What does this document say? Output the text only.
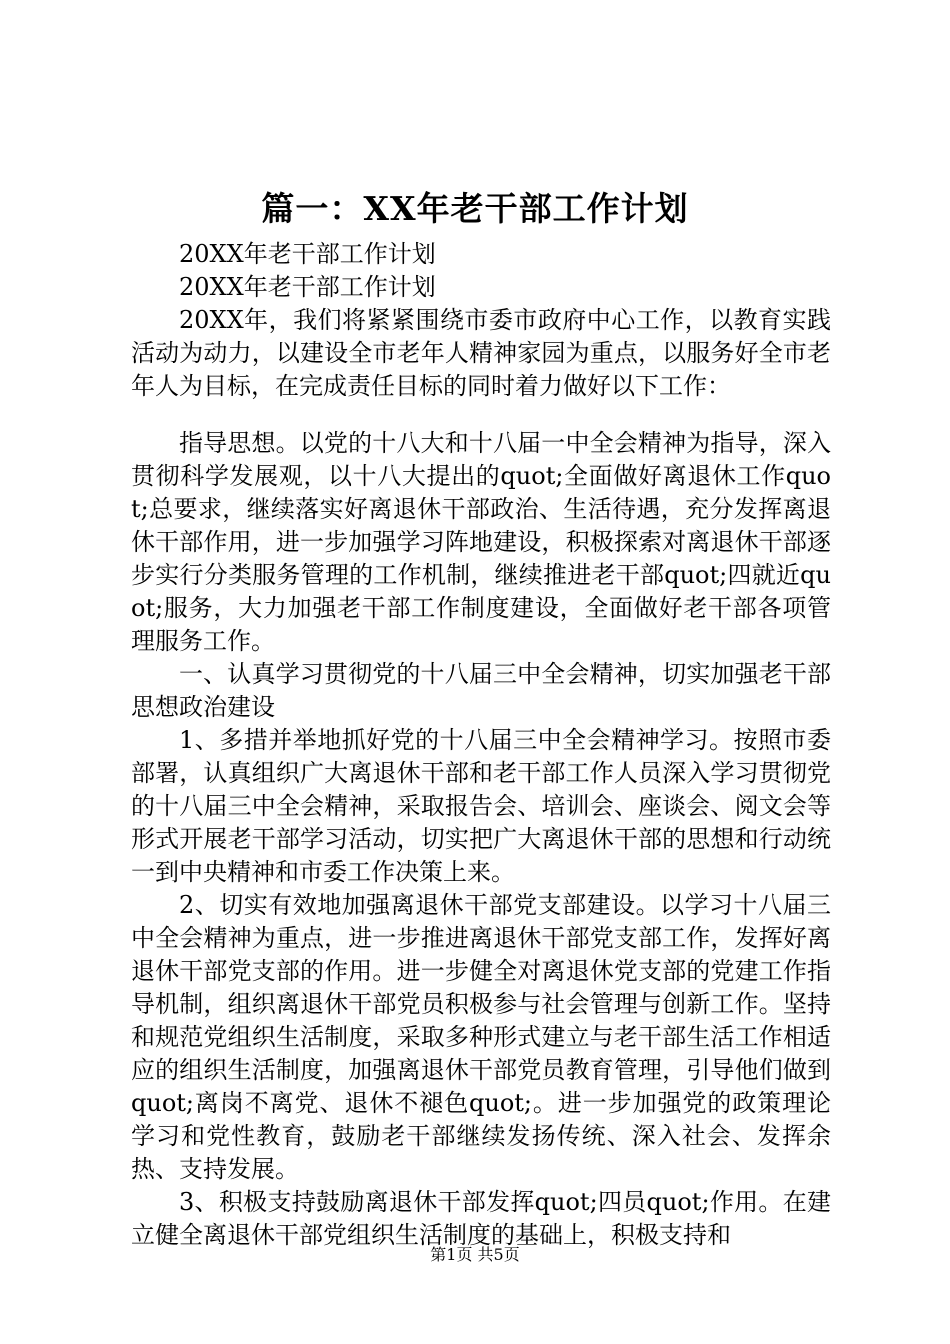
篇一：XX年老干部工作计划

20XX年老干部工作计划

20XX年老干部工作计划

20XX年，我们将紧紧围绕市委市政府中心工作，以教育实践活动为动力，以建设全市老年人精神家园为重点，以服务好全市老年人为目标，在完成责任目标的同时着力做好以下工作：

指导思想。以党的十八大和十八届一中全会精神为指导，深入贯彻科学发展观，以十八大提出的quot;全面做好离退休工作quot;总要求，继续落实好离退休干部政治、生活待遇，充分发挥离退休干部作用，进一步加强学习阵地建设，积极探索对离退休干部逐步实行分类服务管理的工作机制，继续推进老干部quot;四就近quot;服务，大力加强老干部工作制度建设，全面做好老干部各项管理服务工作。

一、认真学习贯彻党的十八届三中全会精神，切实加强老干部思想政治建设

1、多措并举地抓好党的十八届三中全会精神学习。按照市委部署，认真组织广大离退休干部和老干部工作人员深入学习贯彻党的十八届三中全会精神，采取报告会、培训会、座谈会、阅文会等形式开展老干部学习活动，切实把广大离退休干部的思想和行动统一到中央精神和市委工作决策上来。

2、切实有效地加强离退休干部党支部建设。以学习十八届三中全会精神为重点，进一步推进离退休干部党支部工作，发挥好离退休干部党支部的作用。进一步健全对离退休党支部的党建工作指导机制，组织离退休干部党员积极参与社会管理与创新工作。坚持和规范党组织生活制度，采取多种形式建立与老干部生活工作相适应的组织生活制度，加强离退休干部党员教育管理，引导他们做到quot;离岗不离党、退休不褪色quot;。进一步加强党的政策理论学习和党性教育，鼓励老干部继续发扬传统、深入社会、发挥余热、支持发展。

3、积极支持鼓励离退休干部发挥quot;四员quot;作用。在建立健全离退休干部党组织生活制度的基础上，积极支持和

第1页 共5页
